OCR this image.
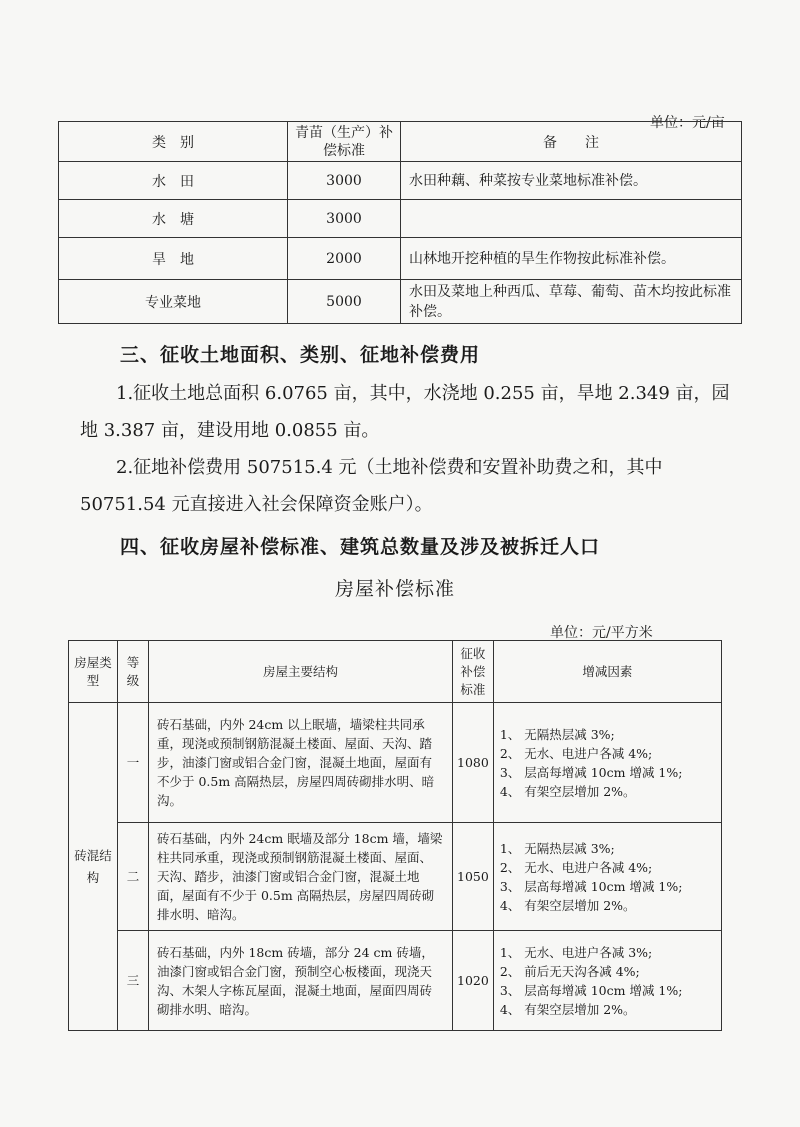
单位：元/亩
类　别	青苗（生产）补偿标准	备　　注
水　田	3000	水田种藕、种菜按专业菜地标准补偿。
水　塘	3000	
旱　地	2000	山林地开挖种植的旱生作物按此标准补偿。
专业菜地	5000	水田及菜地上种西瓜、草莓、葡萄、苗木均按此标准补偿。
三、征收土地面积、类别、征地补偿费用
1.征收土地总面积 6.0765 亩，其中，水浇地 0.255 亩，旱地 2.349 亩，园地 3.387 亩，建设用地 0.0855 亩。
2.征地补偿费用 507515.4 元（土地补偿费和安置补助费之和，其中 50751.54 元直接进入社会保障资金账户）。
四、征收房屋补偿标准、建筑总数量及涉及被拆迁人口
房屋补偿标准
单位：元/平方米
房屋类型	等级	房屋主要结构	征收补偿标准	增减因素
砖混结构	一	砖石基础，内外 24cm 以上眠墙，墙梁柱共同承重，现浇或预制钢筋混凝土楼面、屋面、天沟、踏步，油漆门窗或铝合金门窗，混凝土地面，屋面有不少于 0.5m 高隔热层，房屋四周砖砌排水明、暗沟。	1080	1、 无隔热层减 3%;
2、 无水、电进户各减 4%;
3、 层高每增减 10cm 增减 1%;
4、 有架空层增加 2%。

	二	砖石基础，内外 24cm 眠墙及部分 18cm 墙，墙梁柱共同承重，现浇或预制钢筋混凝土楼面、屋面、天沟、踏步，油漆门窗或铝合金门窗，混凝土地面，屋面有不少于 0.5m 高隔热层，房屋四周砖砌排水明、暗沟。	1050	1、 无隔热层减 3%;
2、 无水、电进户各减 4%;
3、 层高每增减 10cm 增减 1%;
4、 有架空层增加 2%。

	三	砖石基础，内外 18cm 砖墙，部分 24 cm 砖墙，油漆门窗或铝合金门窗，预制空心板楼面，现浇天沟、木架人字栋瓦屋面，混凝土地面，屋面四周砖砌排水明、暗沟。	1020	1、 无水、电进户各减 3%;
2、 前后无天沟各减 4%;
3、 层高每增减 10cm 增减 1%;
4、 有架空层增加 2%。
